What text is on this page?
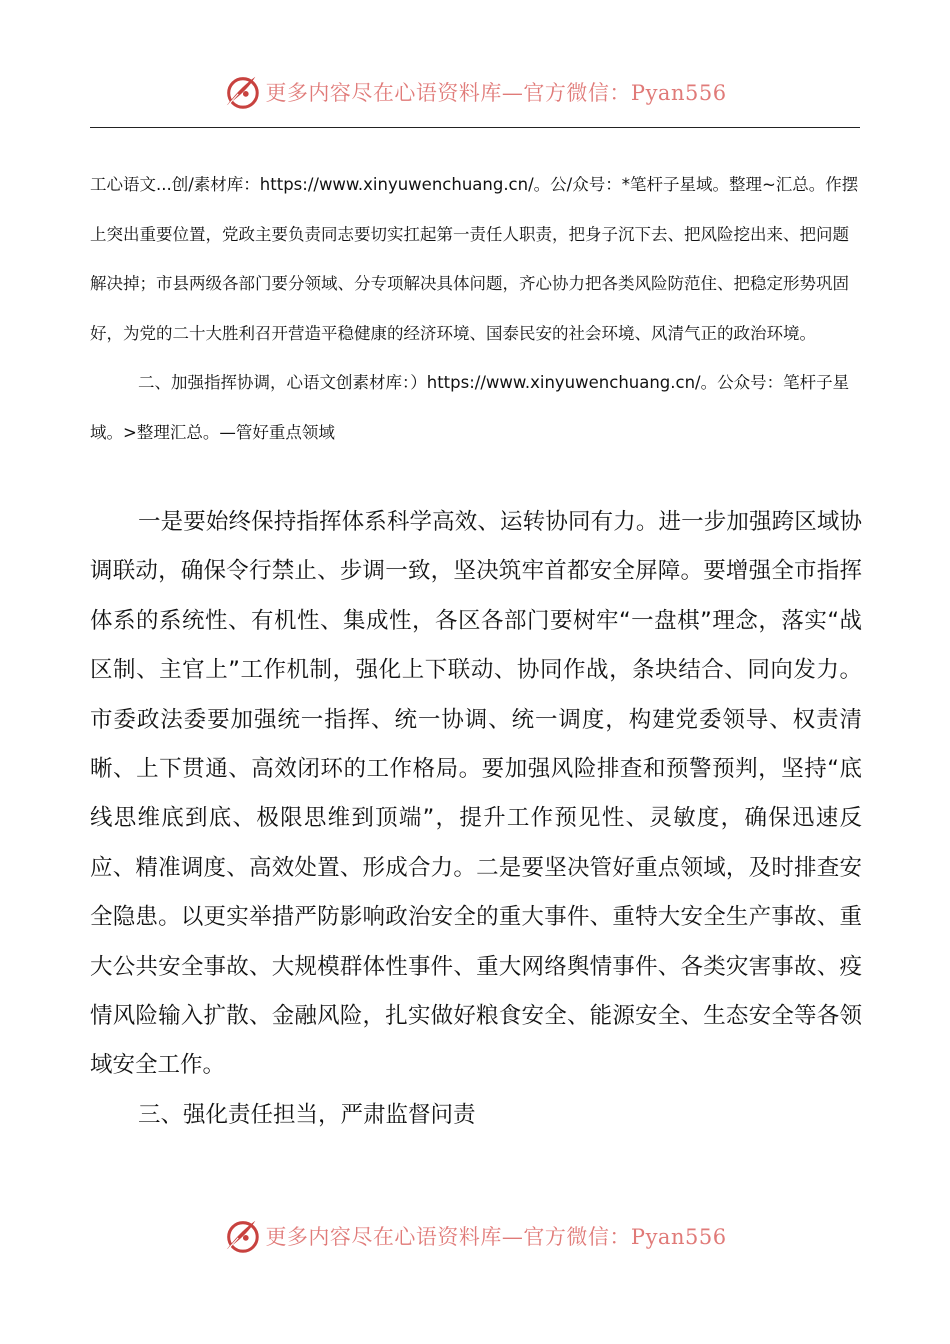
更多内容尽在心语资料库—官方微信：Pyan556

工心语文...创/素材库：https://www.xinyuwenchuang.cn/。公/众号：*笔杆子星域。整理~汇总。作摆上突出重要位置，党政主要负责同志要切实扛起第一责任人职责，把身子沉下去、把风险挖出来、把问题解决掉；市县两级各部门要分领域、分专项解决具体问题，齐心协力把各类风险防范住、把稳定形势巩固好，为党的二十大胜利召开营造平稳健康的经济环境、国泰民安的社会环境、风清气正的政治环境。

二、加强指挥协调，心语文创素材库：）https://www.xinyuwenchuang.cn/。公众号：笔杆子星域。>整理汇总。—管好重点领域

一是要始终保持指挥体系科学高效、运转协同有力。进一步加强跨区域协调联动，确保令行禁止、步调一致，坚决筑牢首都安全屏障。要增强全市指挥体系的系统性、有机性、集成性，各区各部门要树牢“一盘棋”理念，落实“战区制、主官上”工作机制，强化上下联动、协同作战，条块结合、同向发力。市委政法委要加强统一指挥、统一协调、统一调度，构建党委领导、权责清晰、上下贯通、高效闭环的工作格局。要加强风险排查和预警预判，坚持“底线思维底到底、极限思维到顶端”，提升工作预见性、灵敏度，确保迅速反应、精准调度、高效处置、形成合力。二是要坚决管好重点领域，及时排查安全隐患。以更实举措严防影响政治安全的重大事件、重特大安全生产事故、重大公共安全事故、大规模群体性事件、重大网络舆情事件、各类灾害事故、疫情风险输入扩散、金融风险，扎实做好粮食安全、能源安全、生态安全等各领域安全工作。

三、强化责任担当，严肃监督问责

更多内容尽在心语资料库—官方微信：Pyan556
